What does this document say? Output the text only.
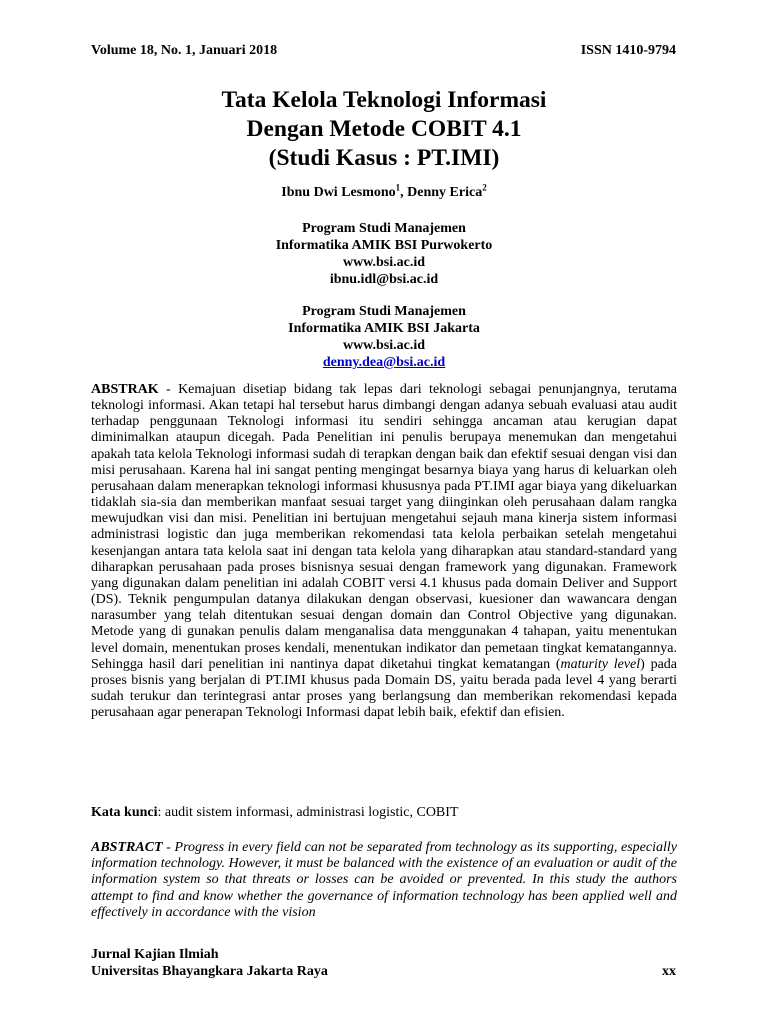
Volume 18, No. 1, Januari 2018	ISSN 1410-9794
Tata Kelola Teknologi Informasi
Dengan Metode COBIT 4.1
(Studi Kasus : PT.IMI)
Ibnu Dwi Lesmono$^1$, Denny Erica$^2$
Program Studi Manajemen
Informatika AMIK BSI Purwokerto
www.bsi.ac.id
ibnu.idl@bsi.ac.id
Program Studi Manajemen
Informatika AMIK BSI Jakarta
www.bsi.ac.id
denny.dea@bsi.ac.id

ABSTRAK - Kemajuan disetiap bidang tak lepas dari teknologi sebagai penunjangnya, terutama teknologi informasi. Akan tetapi hal tersebut harus dimbangi dengan adanya sebuah evaluasi atau audit terhadap penggunaan Teknologi informasi itu sendiri sehingga ancaman atau kerugian dapat diminimalkan ataupun dicegah. Pada Penelitian ini penulis berupaya menemukan dan mengetahui apakah tata kelola Teknologi informasi sudah di terapkan dengan baik dan efektif sesuai dengan visi dan misi perusahaan. Karena hal ini sangat penting mengingat besarnya biaya yang harus di keluarkan oleh perusahaan dalam menerapkan teknologi informasi khususnya pada PT.IMI agar biaya yang dikeluarkan tidaklah sia-sia dan memberikan manfaat sesuai target yang diinginkan oleh perusahaan dalam rangka mewujudkan visi dan misi. Penelitian ini bertujuan mengetahui sejauh mana kinerja sistem informasi administrasi logistic dan juga memberikan rekomendasi tata kelola perbaikan setelah mengetahui kesenjangan antara tata kelola saat ini dengan tata kelola yang diharapkan atau standard-standard yang diharapkan perusahaan pada proses bisnisnya sesuai dengan framework yang digunakan. Framework yang digunakan dalam penelitian ini adalah COBIT versi 4.1 khusus pada domain Deliver and Support (DS). Teknik pengumpulan datanya dilakukan dengan observasi, kuesioner dan wawancara dengan narasumber yang telah ditentukan sesuai dengan domain dan Control Objective yang digunakan. Metode yang di gunakan penulis dalam menganalisa data menggunakan 4 tahapan, yaitu menentukan level domain, menentukan proses kendali, menentukan indikator dan pemetaan tingkat kematangannya. Sehingga hasil dari penelitian ini nantinya dapat diketahui tingkat kematangan (maturity level) pada proses bisnis yang berjalan di PT.IMI khusus pada Domain DS, yaitu berada pada level 4 yang berarti sudah terukur dan terintegrasi antar proses yang berlangsung dan memberikan rekomendasi kepada perusahaan agar penerapan Teknologi Informasi dapat lebih baik, efektif dan efisien.

Kata kunci: audit sistem informasi, administrasi logistic, COBIT
ABSTRACT - Progress in every field can not be separated from technology as its supporting, especially information technology. However, it must be balanced with the existence of an evaluation or audit of the information system so that threats or losses can be avoided or prevented. In this study the authors attempt to find and know whether the governance of information technology has been applied well and effectively in accordance with the vision
Jurnal Kajian Ilmiah
Universitas Bhayangkara Jakarta Raya	xx
